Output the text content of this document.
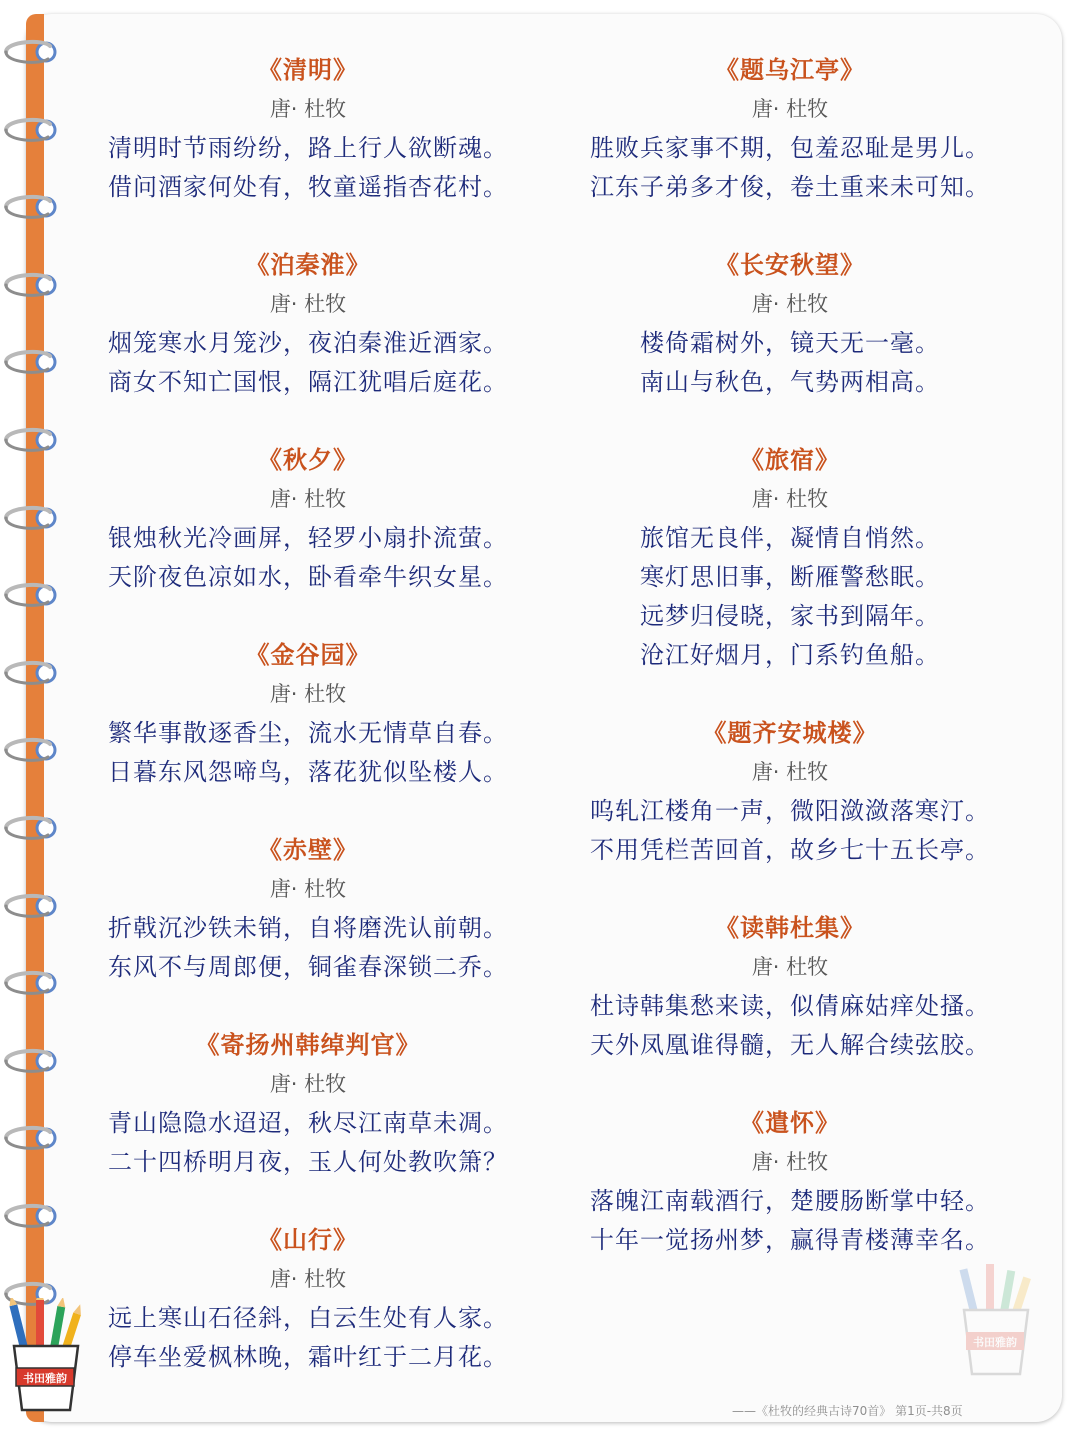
《清明》
唐· 杜牧
清明时节雨纷纷，路上行人欲断魂。
借问酒家何处有，牧童遥指杏花村。
《泊秦淮》
唐· 杜牧
烟笼寒水月笼沙，夜泊秦淮近酒家。
商女不知亡国恨，隔江犹唱后庭花。
《秋夕》
唐· 杜牧
银烛秋光冷画屏，轻罗小扇扑流萤。
天阶夜色凉如水，卧看牵牛织女星。
《金谷园》
唐· 杜牧
繁华事散逐香尘，流水无情草自春。
日暮东风怨啼鸟，落花犹似坠楼人。
《赤壁》
唐· 杜牧
折戟沉沙铁未销，自将磨洗认前朝。
东风不与周郎便，铜雀春深锁二乔。
《寄扬州韩绰判官》
唐· 杜牧
青山隐隐水迢迢，秋尽江南草未凋。
二十四桥明月夜，玉人何处教吹箫？
《山行》
唐· 杜牧
远上寒山石径斜，白云生处有人家。
停车坐爱枫林晚，霜叶红于二月花。
《题乌江亭》
唐· 杜牧
胜败兵家事不期，包羞忍耻是男儿。
江东子弟多才俊，卷土重来未可知。
《长安秋望》
唐· 杜牧
楼倚霜树外，镜天无一毫。
南山与秋色，气势两相高。
《旅宿》
唐· 杜牧
旅馆无良伴，凝情自悄然。
寒灯思旧事，断雁警愁眠。
远梦归侵晓，家书到隔年。
沧江好烟月，门系钓鱼船。
《题齐安城楼》
唐· 杜牧
呜轧江楼角一声，微阳潋潋落寒汀。
不用凭栏苦回首，故乡七十五长亭。
《读韩杜集》
唐· 杜牧
杜诗韩集愁来读，似倩麻姑痒处搔。
天外凤凰谁得髓，无人解合续弦胶。
《遣怀》
唐· 杜牧
落魄江南载酒行，楚腰肠断掌中轻。
十年一觉扬州梦，赢得青楼薄幸名。
书田雅韵
书田雅韵
——《杜牧的经典古诗70首》 第1页-共8页
